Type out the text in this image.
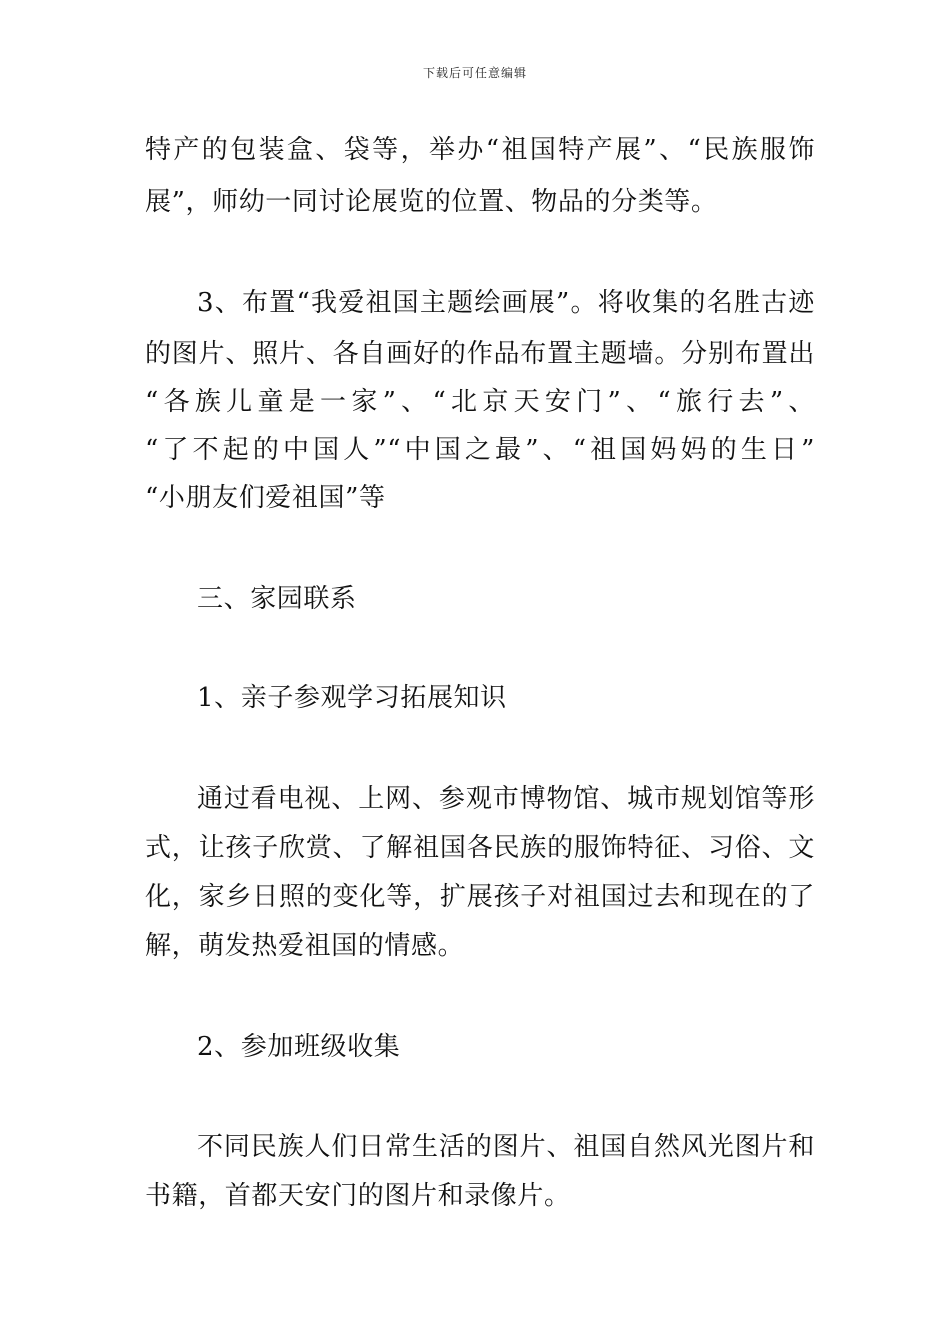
下载后可任意编辑
特产的包装盒、袋等，举办“祖国特产展”、“民族服饰
展”，师幼一同讨论展览的位置、物品的分类等。
3、布置“我爱祖国主题绘画展”。将收集的名胜古迹
的图片、照片、各自画好的作品布置主题墙。分别布置出
“各族儿童是一家”、“北京天安门”、“旅行去”、
“了不起的中国人”“中国之最”、“祖国妈妈的生日”
“小朋友们爱祖国”等
三、家园联系
1、亲子参观学习拓展知识
通过看电视、上网、参观市博物馆、城市规划馆等形
式，让孩子欣赏、了解祖国各民族的服饰特征、习俗、文
化，家乡日照的变化等，扩展孩子对祖国过去和现在的了
解，萌发热爱祖国的情感。
2、参加班级收集
不同民族人们日常生活的图片、祖国自然风光图片和
书籍，首都天安门的图片和录像片。
